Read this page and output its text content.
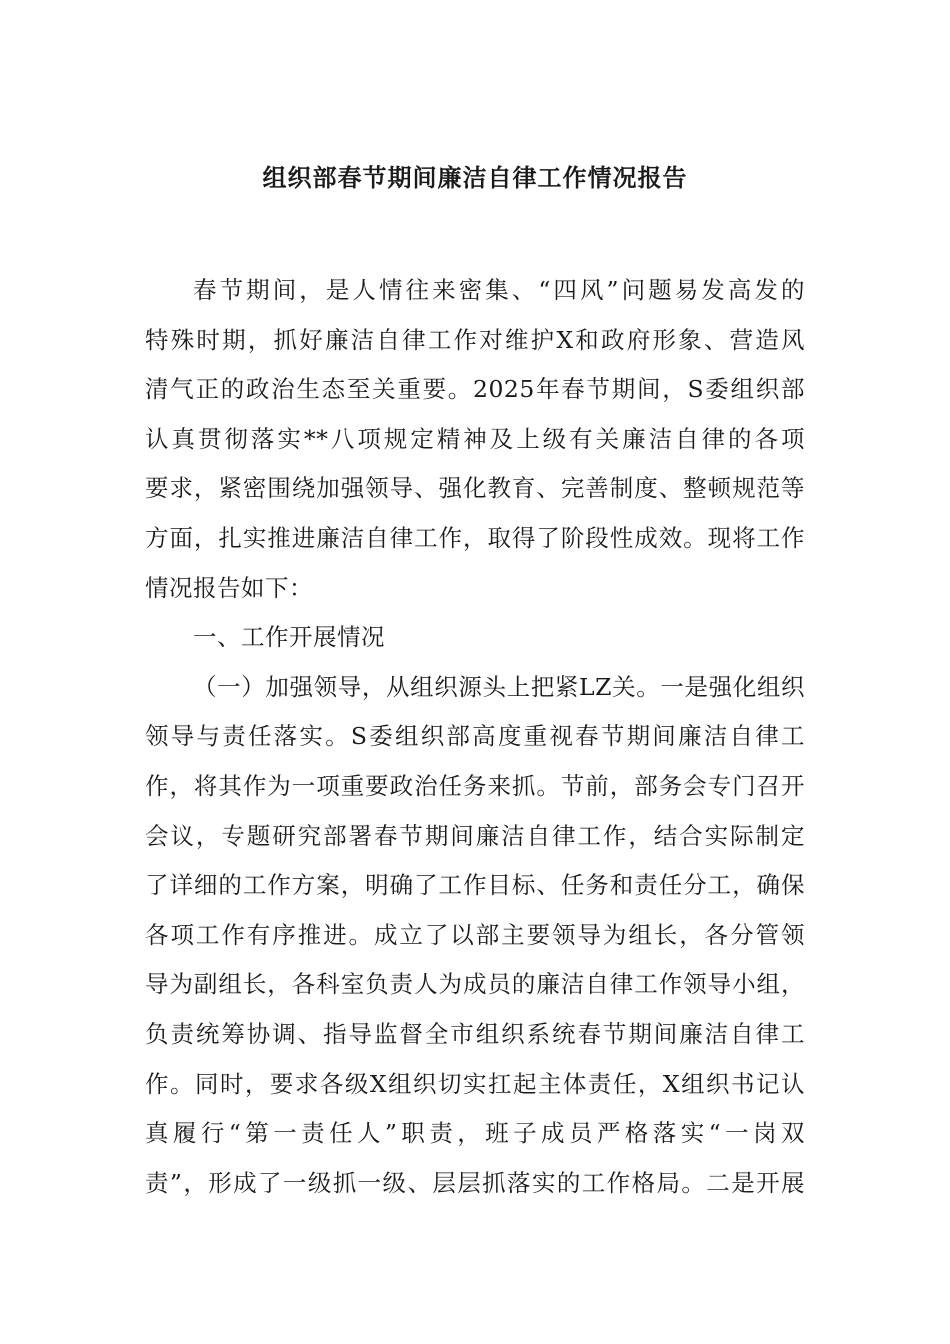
组织部春节期间廉洁自律工作情况报告
春节期间，是人情往来密集、“四风”问题易发高发的
特殊时期，抓好廉洁自律工作对维护X和政府形象、营造风
清气正的政治生态至关重要。2025年春节期间，S委组织部
认真贯彻落实**八项规定精神及上级有关廉洁自律的各项
要求，紧密围绕加强领导、强化教育、完善制度、整顿规范等
方面，扎实推进廉洁自律工作，取得了阶段性成效。现将工作
情况报告如下：
一、工作开展情况
（一）加强领导，从组织源头上把紧LZ关。一是强化组织
领导与责任落实。S委组织部高度重视春节期间廉洁自律工
作，将其作为一项重要政治任务来抓。节前，部务会专门召开
会议，专题研究部署春节期间廉洁自律工作，结合实际制定
了详细的工作方案，明确了工作目标、任务和责任分工，确保
各项工作有序推进。成立了以部主要领导为组长，各分管领
导为副组长，各科室负责人为成员的廉洁自律工作领导小组，
负责统筹协调、指导监督全市组织系统春节期间廉洁自律工
作。同时，要求各级X组织切实扛起主体责任，X组织书记认
真履行“第一责任人”职责，班子成员严格落实“一岗双
责”，形成了一级抓一级、层层抓落实的工作格局。二是开展
